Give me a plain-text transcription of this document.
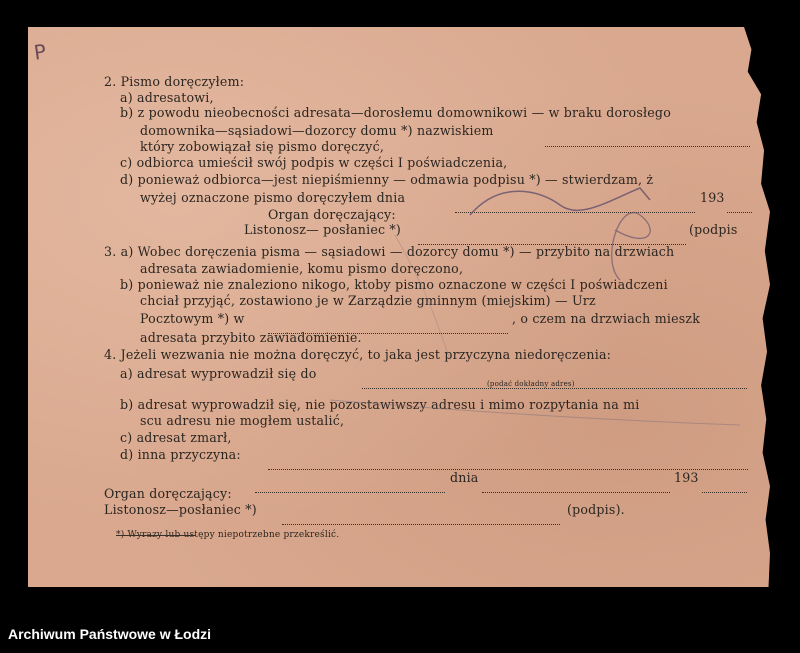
P
2. Pismo doręczyłem:
a) adresatowi,
b) z powodu nieobecności adresata—dorosłemu domownikowi — w braku dorosłego
domownika—sąsiadowi—dozorcy domu *) nazwiskiem
który zobowiązał się pismo doręczyć,
c) odbiorca umieścił swój podpis w części I poświadczenia,
d) ponieważ odbiorca—jest niepiśmienny — odmawia podpisu *) — stwierdzam, ż
wyżej oznaczone pismo doręczyłem dnia	193
Organ doręczający:
Listonosz— posłaniec *)	(podpis
3. a) Wobec doręczenia pisma — sąsiadowi — dozorcy domu *) — przybito na drzwiach
adresata zawiadomienie, komu pismo doręczono,
b) ponieważ nie znaleziono nikogo, ktoby pismo oznaczone w części I poświadczeni
chciał przyjąć, zostawiono je w Zarządzie gminnym (miejskim) — Urz
Pocztowym *) w	, o czem na drzwiach mieszk
adresata przybito zawiadomienie.
4. Jeżeli wezwania nie można doręczyć, to jaka jest przyczyna niedoręczenia:
a) adresat wyprowadził się do
(podać dokładny adres)
b) adresat wyprowadził się, nie pozostawiwszy adresu i mimo rozpytania na mi
scu adresu nie mogłem ustalić,
c) adresat zmarł,
d) inna przyczyna:
dnia	193
Organ doręczający:
Listonosz—posłaniec *)	(podpis).
*) Wyrazy lub ustępy niepotrzebne przekreślić.
Archiwum Państwowe w Łodzi
